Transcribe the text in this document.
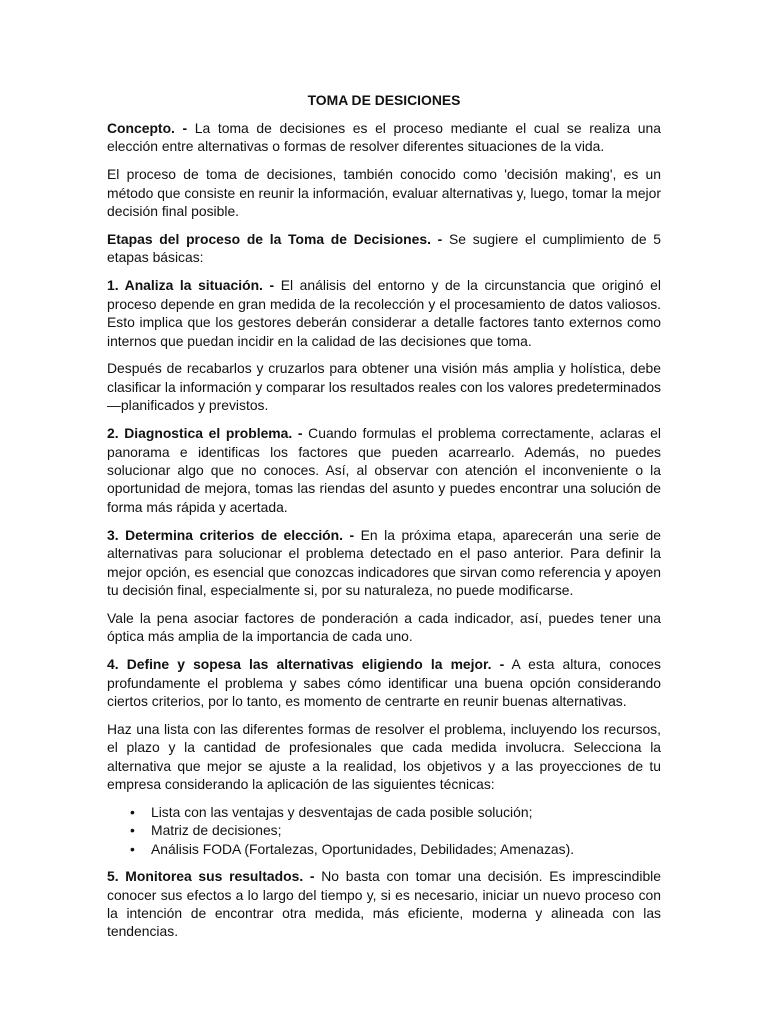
TOMA DE DESICIONES

Concepto. - La toma de decisiones es el proceso mediante el cual se realiza una elección entre alternativas o formas de resolver diferentes situaciones de la vida.

El proceso de toma de decisiones, también conocido como 'decisión making', es un método que consiste en reunir la información, evaluar alternativas y, luego, tomar la mejor decisión final posible.

Etapas del proceso de la Toma de Decisiones. - Se sugiere el cumplimiento de 5 etapas básicas:

1. Analiza la situación. - El análisis del entorno y de la circunstancia que originó el proceso depende en gran medida de la recolección y el procesamiento de datos valiosos. Esto implica que los gestores deberán considerar a detalle factores tanto externos como internos que puedan incidir en la calidad de las decisiones que toma.

Después de recabarlos y cruzarlos para obtener una visión más amplia y holística, debe clasificar la información y comparar los resultados reales con los valores predeterminados —planificados y previstos.

2. Diagnostica el problema. - Cuando formulas el problema correctamente, aclaras el panorama e identificas los factores que pueden acarrearlo. Además, no puedes solucionar algo que no conoces. Así, al observar con atención el inconveniente o la oportunidad de mejora, tomas las riendas del asunto y puedes encontrar una solución de forma más rápida y acertada.

3. Determina criterios de elección. - En la próxima etapa, aparecerán una serie de alternativas para solucionar el problema detectado en el paso anterior. Para definir la mejor opción, es esencial que conozcas indicadores que sirvan como referencia y apoyen tu decisión final, especialmente si, por su naturaleza, no puede modificarse.

Vale la pena asociar factores de ponderación a cada indicador, así, puedes tener una óptica más amplia de la importancia de cada uno.

4. Define y sopesa las alternativas eligiendo la mejor. - A esta altura, conoces profundamente el problema y sabes cómo identificar una buena opción considerando ciertos criterios, por lo tanto, es momento de centrarte en reunir buenas alternativas.

Haz una lista con las diferentes formas de resolver el problema, incluyendo los recursos, el plazo y la cantidad de profesionales que cada medida involucra. Selecciona la alternativa que mejor se ajuste a la realidad, los objetivos y a las proyecciones de tu empresa considerando la aplicación de las siguientes técnicas:

• Lista con las ventajas y desventajas de cada posible solución;
• Matriz de decisiones;
• Análisis FODA (Fortalezas, Oportunidades, Debilidades; Amenazas).

5. Monitorea sus resultados. - No basta con tomar una decisión. Es imprescindible conocer sus efectos a lo largo del tiempo y, si es necesario, iniciar un nuevo proceso con la intención de encontrar otra medida, más eficiente, moderna y alineada con las tendencias.
